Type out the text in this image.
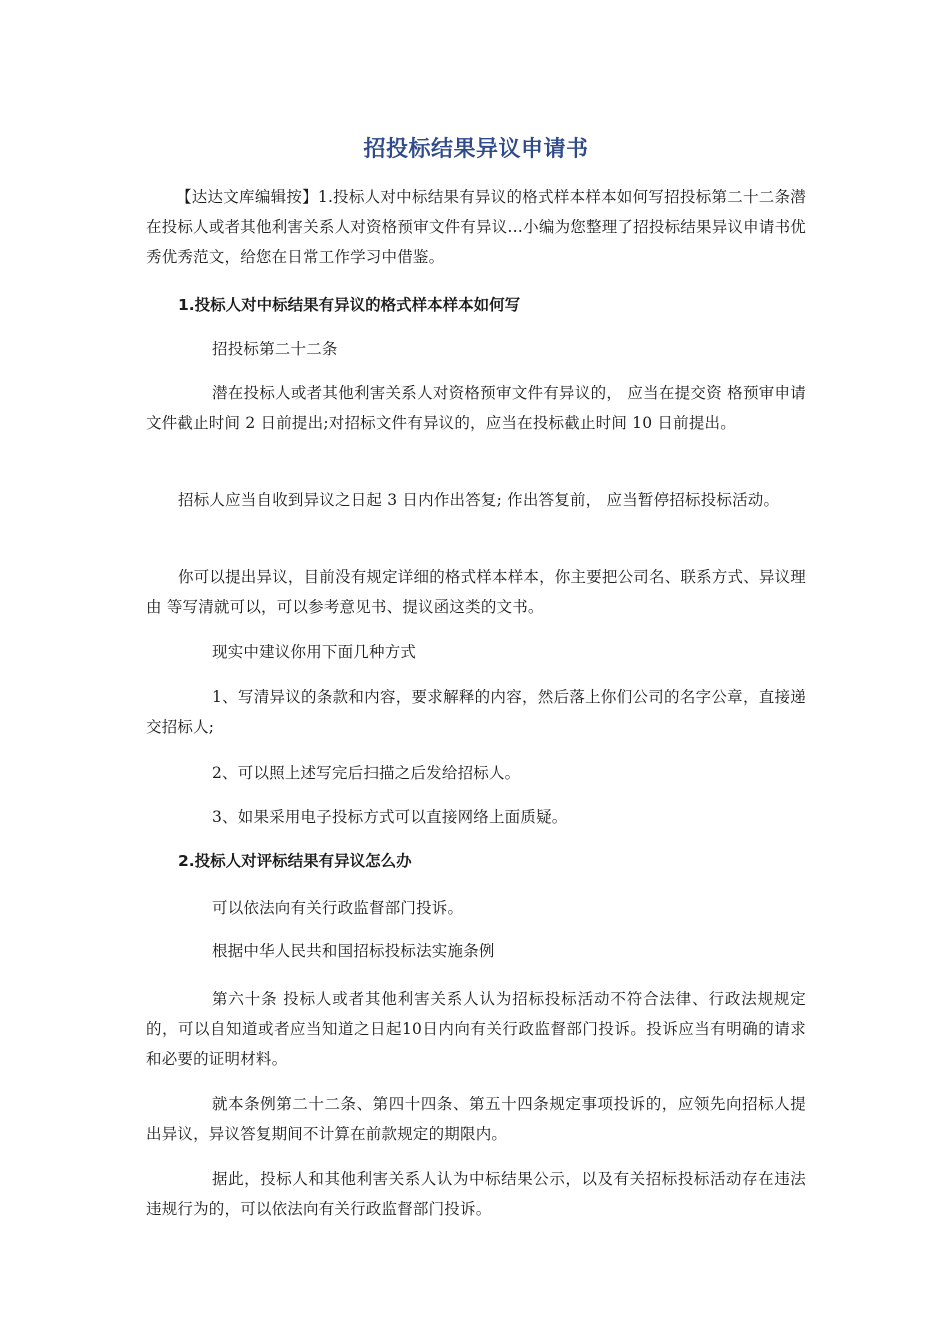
招投标结果异议申请书

【达达文库编辑按】1.投标人对中标结果有异议的格式样本样本如何写招投标第二十二条潜在投标人或者其他利害关系人对资格预审文件有异议…小编为您整理了招投标结果异议申请书优秀优秀范文，给您在日常工作学习中借鉴。

1.投标人对中标结果有异议的格式样本样本如何写

招投标第二十二条

潜在投标人或者其他利害关系人对资格预审文件有异议的， 应当在提交资 格预审申请文件截止时间 2 日前提出;对招标文件有异议的，应当在投标截止时间 10 日前提出。

招标人应当自收到异议之日起 3 日内作出答复; 作出答复前， 应当暂停招标投标活动。

你可以提出异议，目前没有规定详细的格式样本样本，你主要把公司名、联系方式、异议理由 等写清就可以，可以参考意见书、提议函这类的文书。

现实中建议你用下面几种方式

1、写清异议的条款和内容，要求解释的内容，然后落上你们公司的名字公章，直接递交招标人;

2、可以照上述写完后扫描之后发给招标人。

3、如果采用电子投标方式可以直接网络上面质疑。

2.投标人对评标结果有异议怎么办

可以依法向有关行政监督部门投诉。

根据中华人民共和国招标投标法实施条例

第六十条 投标人或者其他利害关系人认为招标投标活动不符合法律、行政法规规定的，可以自知道或者应当知道之日起10日内向有关行政监督部门投诉。投诉应当有明确的请求和必要的证明材料。

就本条例第二十二条、第四十四条、第五十四条规定事项投诉的，应领先向招标人提出异议，异议答复期间不计算在前款规定的期限内。

据此，投标人和其他利害关系人认为中标结果公示，以及有关招标投标活动存在违法违规行为的，可以依法向有关行政监督部门投诉。
